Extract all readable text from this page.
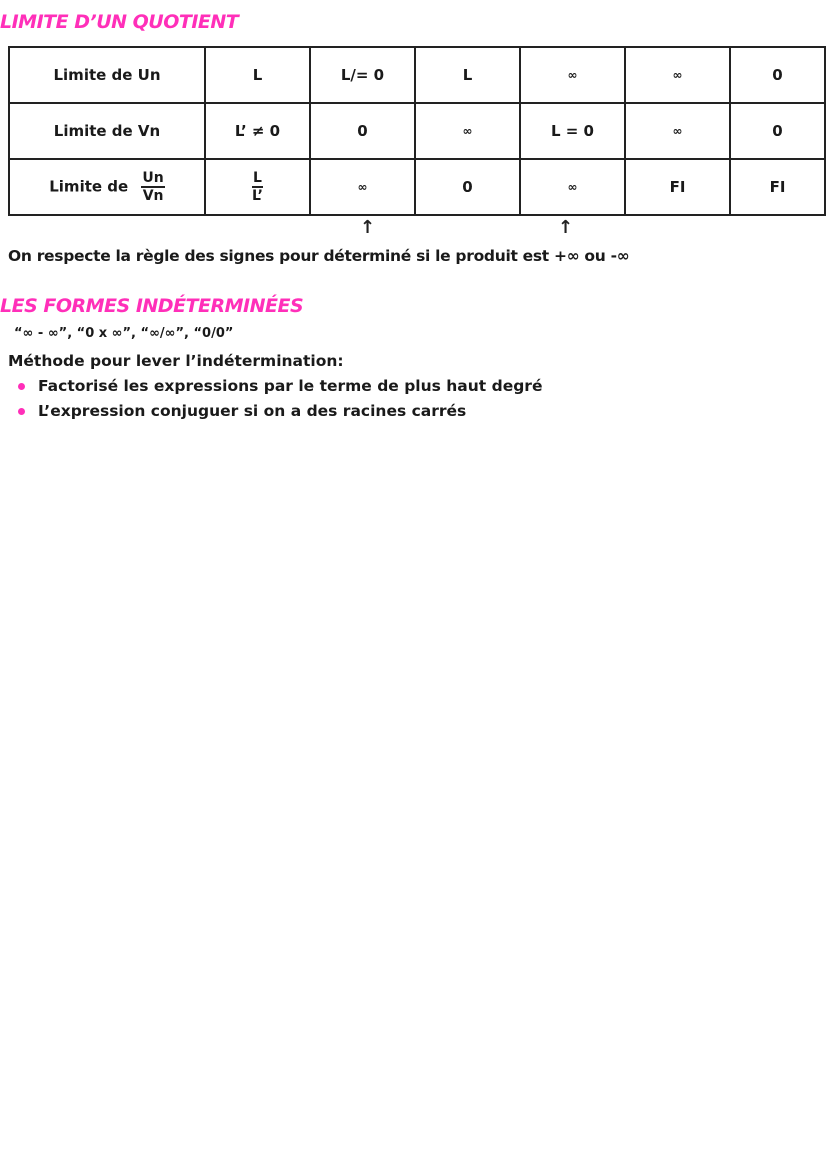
LIMITE D’UN QUOTIENT
Limite de Un	L	L/= 0	L	∞	∞	0
Limite de Vn	L’ ≠ 0	0	∞	L = 0	∞	0
Limite de $\frac{Un}{Vn}$	$\frac{L}{L’}$	∞	0	∞	FI	FI
↑	↑

On respecte la règle des signes pour déterminé si le produit est +∞ ou -∞

LES FORMES INDÉTERMINÉES

“∞ - ∞”, “0 x ∞”, “∞/∞”, “0/0”

Méthode pour lever l’indétermination:

Factorisé les expressions par le terme de plus haut degré
L’expression conjuguer si on a des racines carrés
